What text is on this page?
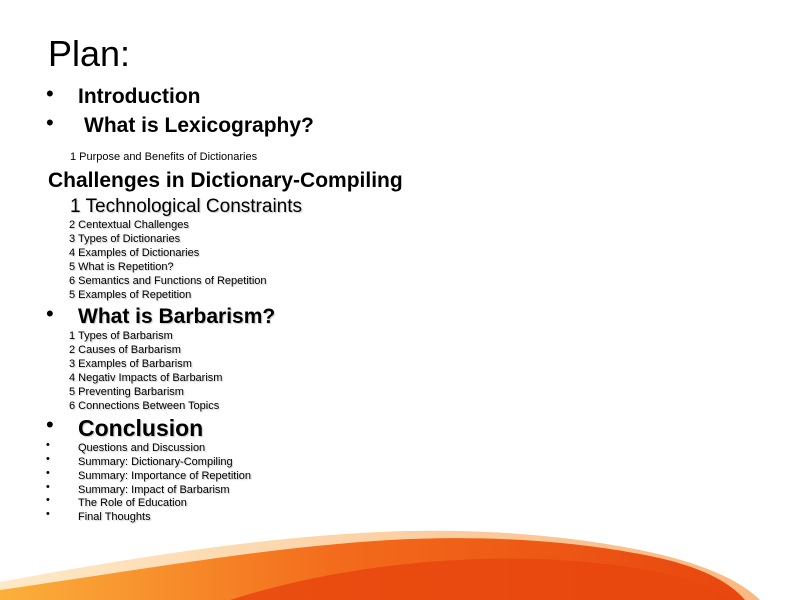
Plan:
• Introduction
• What is Lexicography?
1 Purpose and Benefits of Dictionaries
Challenges in Dictionary-Compiling
1 Technological Constraints
2 Centextual Challenges
3 Types of Dictionaries
4 Examples of Dictionaries
5 What is Repetition?
6 Semantics and Functions of Repetition
5 Examples of Repetition
• What is Barbarism?
1 Types of Barbarism
2 Causes of Barbarism
3 Examples of Barbarism
4 Negativ Impacts of Barbarism
5 Preventing Barbarism
6 Connections Between Topics
• Conclusion
•	Questions and Discussion
•	Summary: Dictionary-Compiling
•	Summary: Importance of Repetition
•	Summary: Impact of Barbarism
•	The Role of Education
•	Final Thoughts
